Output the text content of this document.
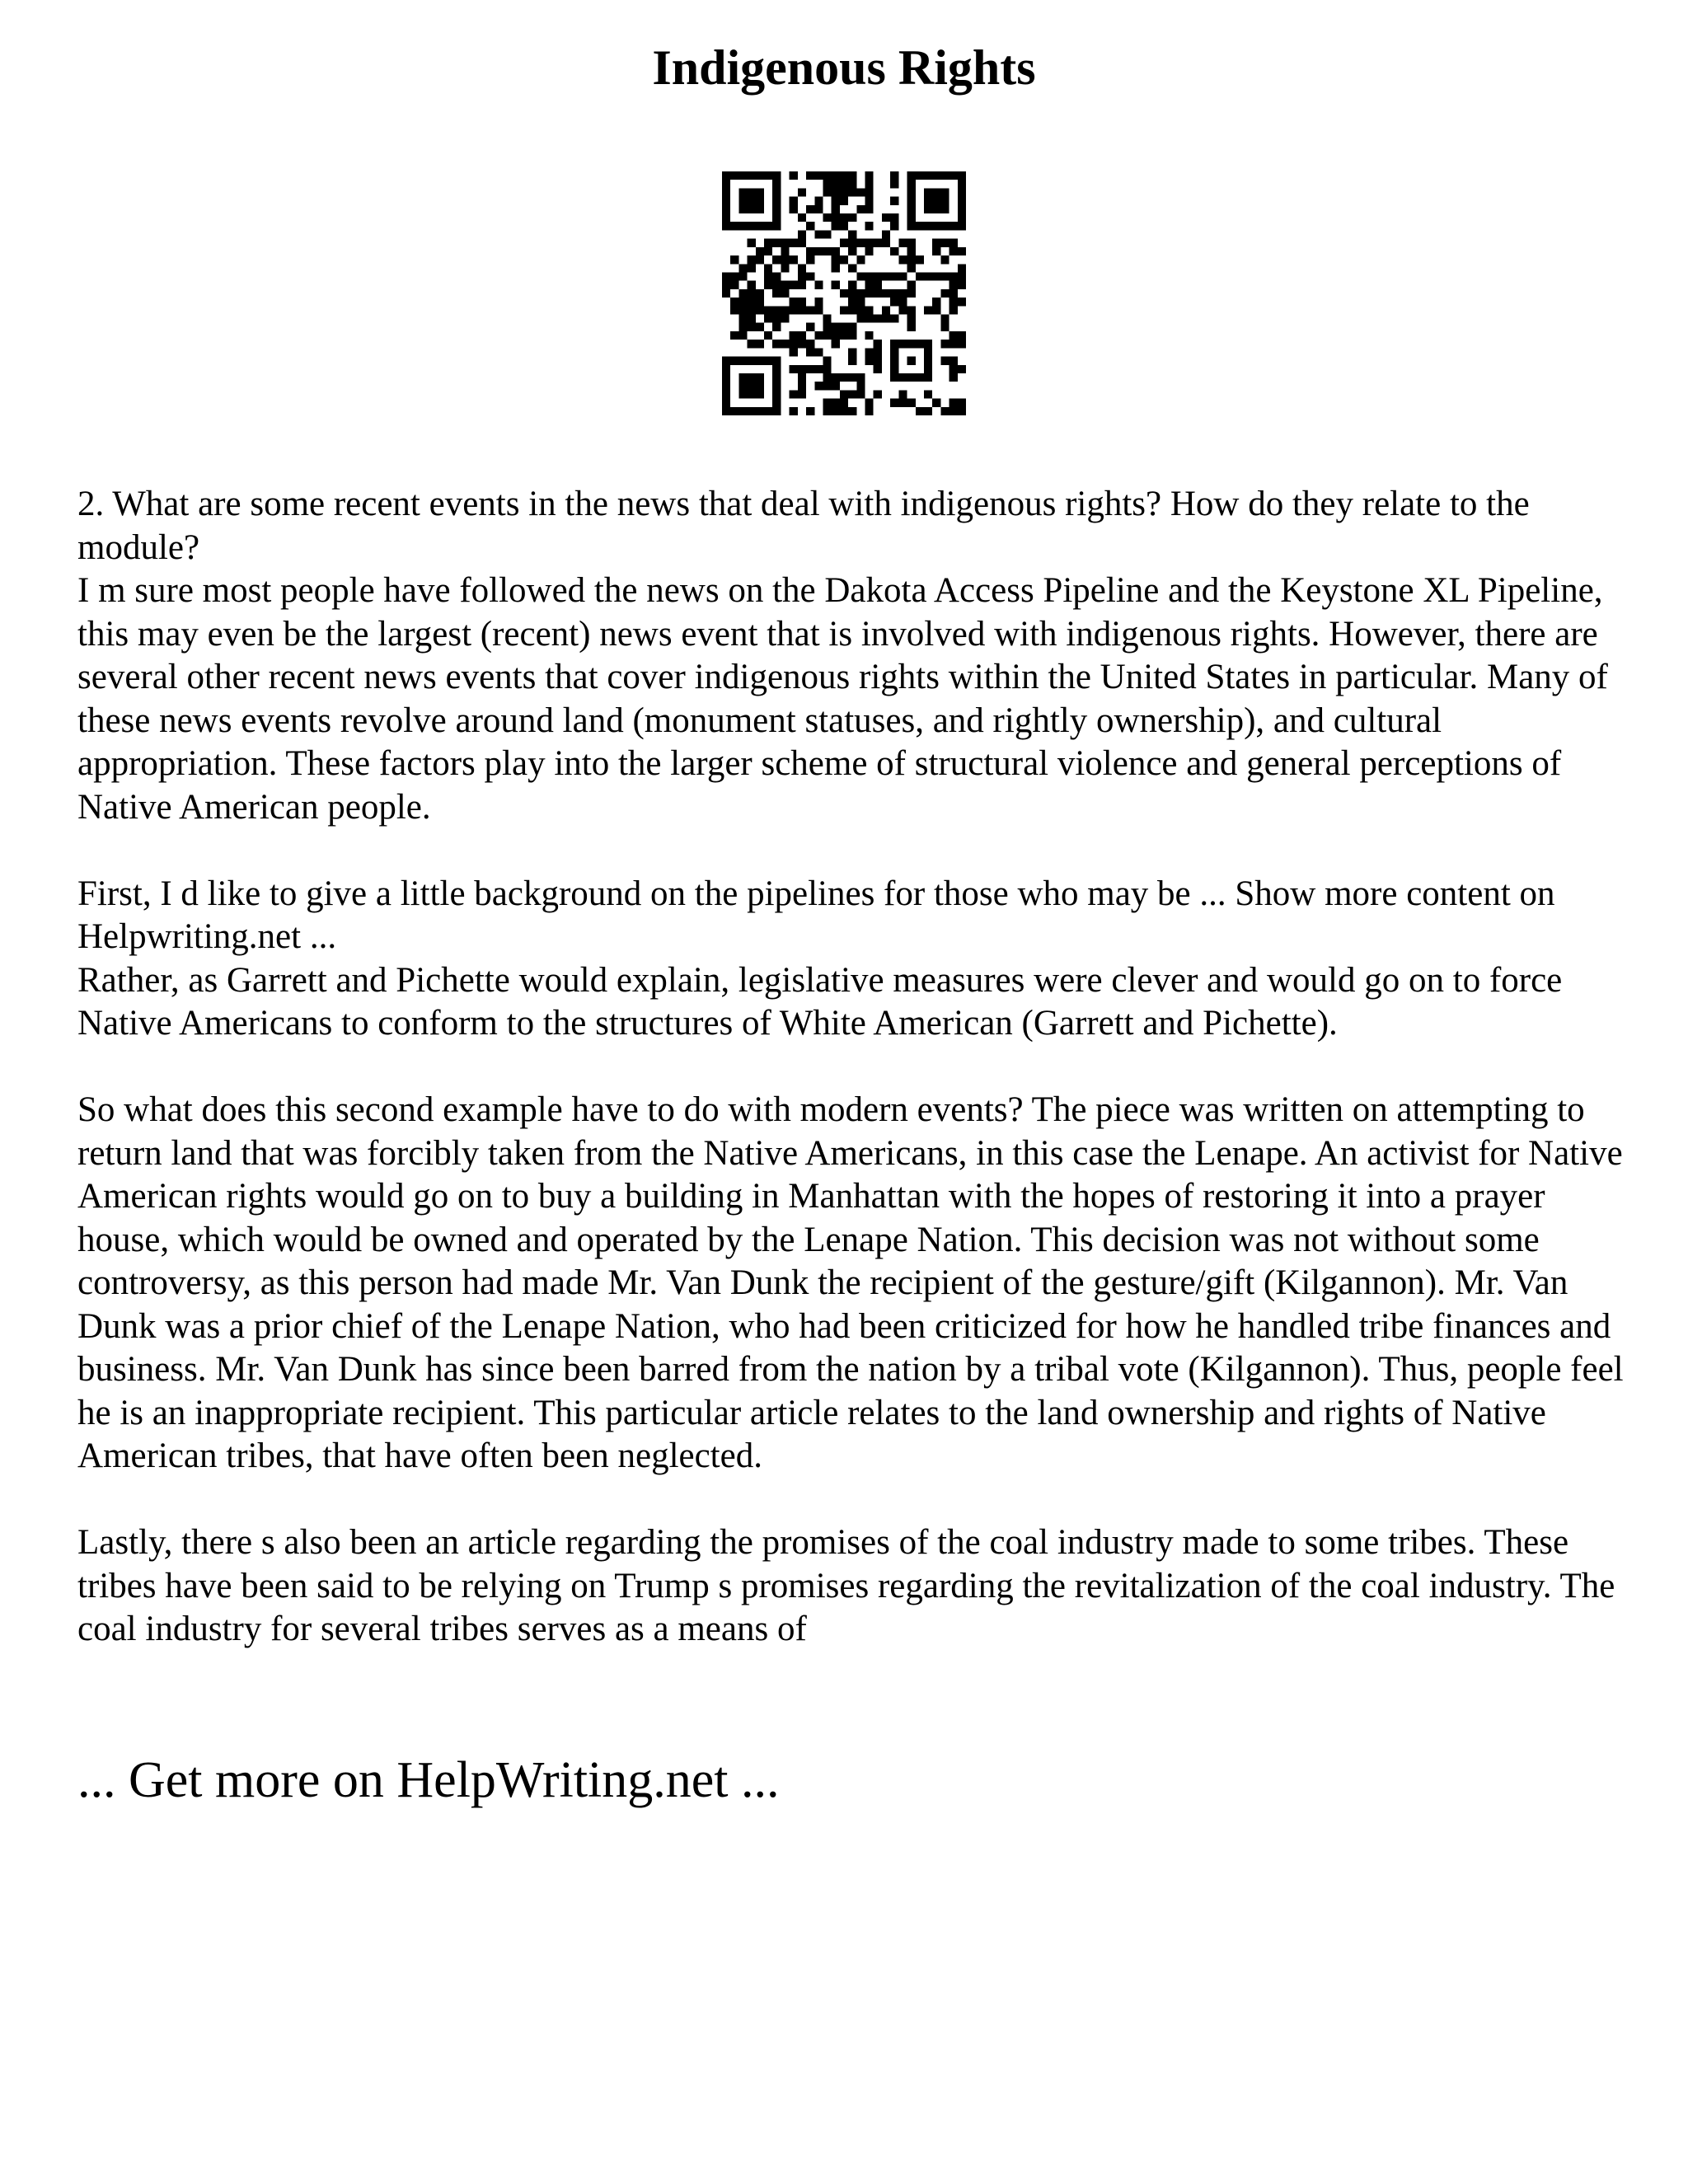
Indigenous Rights

2. What are some recent events in the news that deal with indigenous rights? How do they relate to the module?

I m sure most people have followed the news on the Dakota Access Pipeline and the Keystone XL Pipeline, this may even be the largest (recent) news event that is involved with indigenous rights. However, there are several other recent news events that cover indigenous rights within the United States in particular. Many of these news events revolve around land (monument statuses, and rightly ownership), and cultural appropriation. These factors play into the larger scheme of structural violence and general perceptions of Native American people.

First, I d like to give a little background on the pipelines for those who may be ... Show more content on Helpwriting.net ...

Rather, as Garrett and Pichette would explain, legislative measures were clever and would go on to force Native Americans to conform to the structures of White American (Garrett and Pichette).

So what does this second example have to do with modern events? The piece was written on attempting to return land that was forcibly taken from the Native Americans, in this case the Lenape. An activist for Native American rights would go on to buy a building in Manhattan with the hopes of restoring it into a prayer house, which would be owned and operated by the Lenape Nation. This decision was not without some controversy, as this person had made Mr. Van Dunk the recipient of the gesture/gift (Kilgannon). Mr. Van Dunk was a prior chief of the Lenape Nation, who had been criticized for how he handled tribe finances and business. Mr. Van Dunk has since been barred from the nation by a tribal vote (Kilgannon). Thus, people feel he is an inappropriate recipient. This particular article relates to the land ownership and rights of Native American tribes, that have often been neglected.

Lastly, there s also been an article regarding the promises of the coal industry made to some tribes. These tribes have been said to be relying on Trump s promises regarding the revitalization of the coal industry. The coal industry for several tribes serves as a means of

... Get more on HelpWriting.net ...
